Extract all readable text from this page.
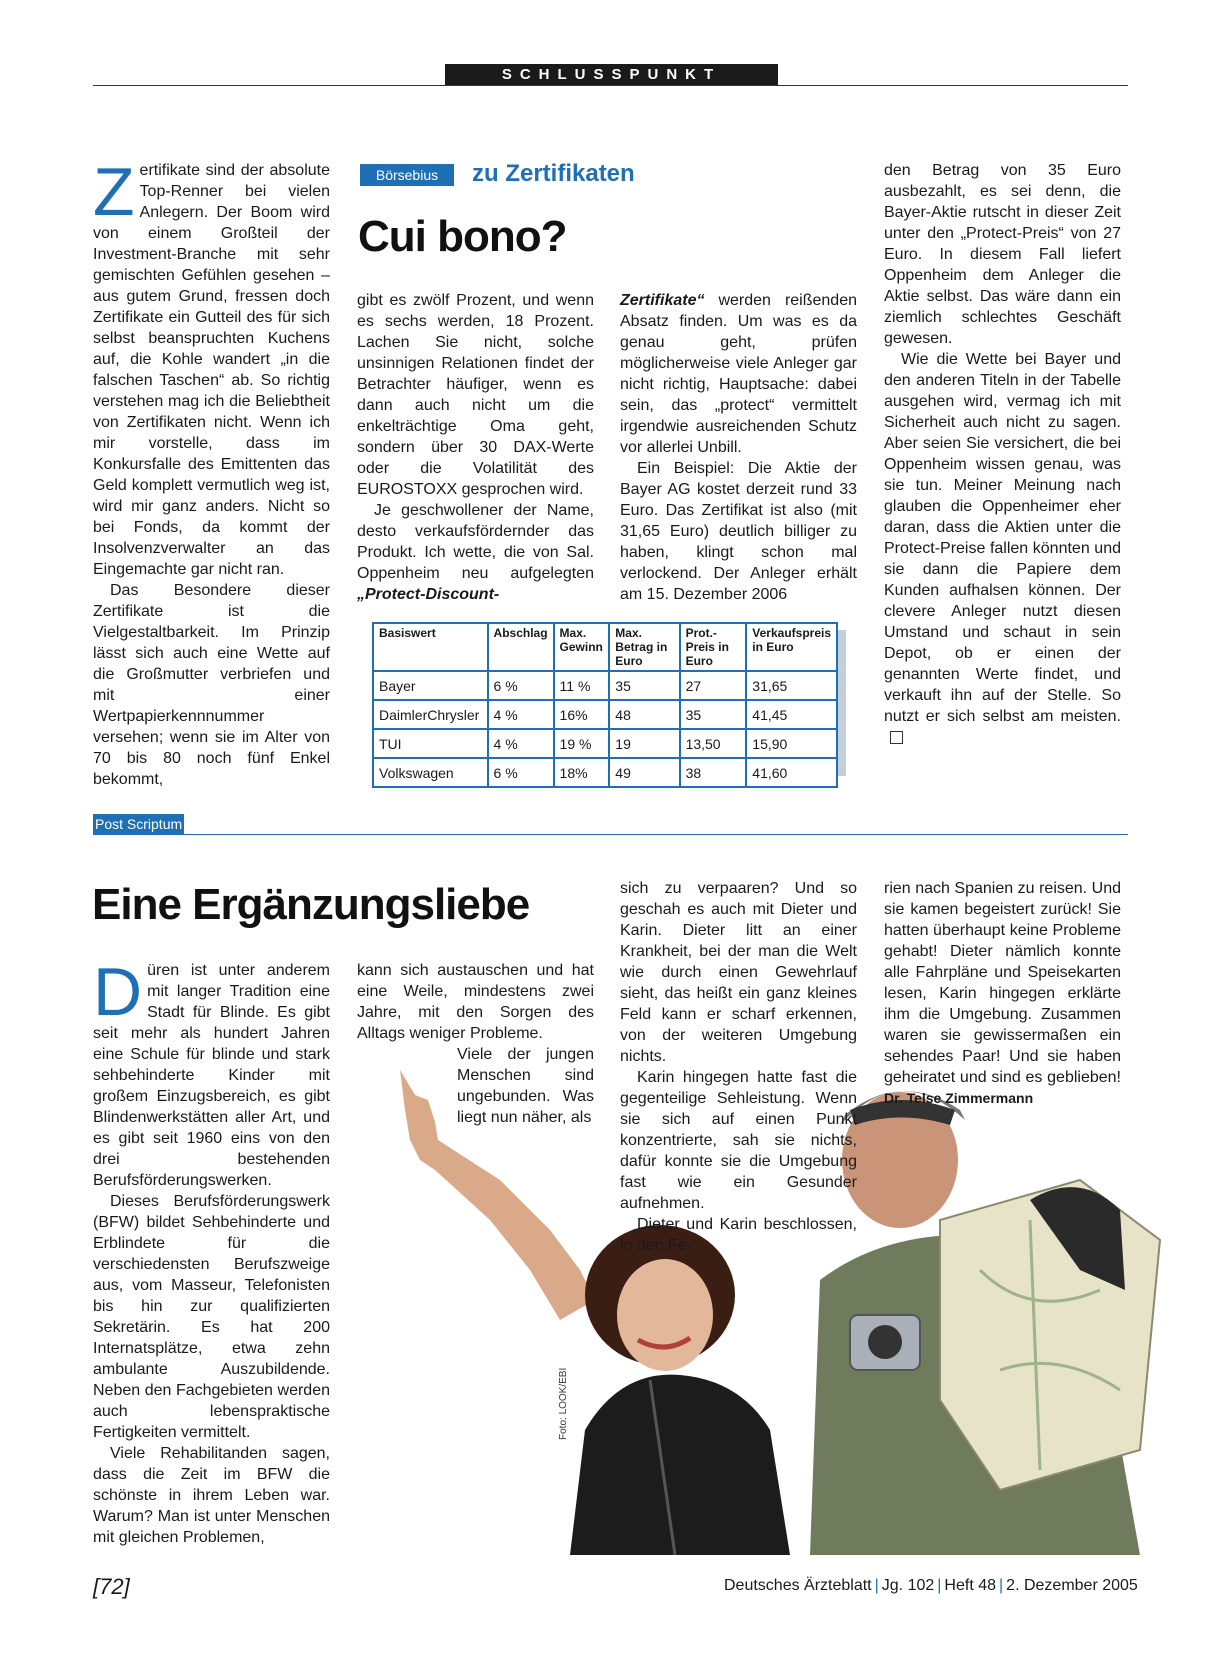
SCHLUSSPUNKT
Börsebius	zu Zertifikaten
Cui bono?
Z ertifikate sind der absolute Top-Renner bei vielen Anlegern. Der Boom wird von einem Großteil der Investment-Branche mit sehr gemischten Gefühlen gesehen – aus gutem Grund, fressen doch Zertifikate ein Gutteil des für sich selbst beanspruchten Kuchens auf, die Kohle wandert „in die falschen Taschen“ ab. So richtig verstehen mag ich die Beliebtheit von Zertifikaten nicht. Wenn ich mir vorstelle, dass im Konkursfalle des Emittenten das Geld komplett vermutlich weg ist, wird mir ganz anders. Nicht so bei Fonds, da kommt der Insolvenzverwalter an das Eingemachte gar nicht ran.

Das Besondere dieser Zertifikate ist die Vielgestaltbarkeit. Im Prinzip lässt sich auch eine Wette auf die Großmutter verbriefen und mit einer Wertpapierkennnummer versehen; wenn sie im Alter von 70 bis 80 noch fünf Enkel bekommt,

gibt es zwölf Prozent, und wenn es sechs werden, 18 Prozent. Lachen Sie nicht, solche unsinnigen Relationen findet der Betrachter häufiger, wenn es dann auch nicht um die enkelträchtige Oma geht, sondern über 30 DAX-Werte oder die Volatilität des EUROSTOXX gesprochen wird.

Je geschwollener der Name, desto verkaufsfördernder das Produkt. Ich wette, die von Sal. Oppenheim neu aufgelegten „Protect-Discount-

Zertifikate“ werden reißenden Absatz finden. Um was es da genau geht, prüfen möglicherweise viele Anleger gar nicht richtig, Hauptsache: dabei sein, das „protect“ vermittelt irgendwie ausreichenden Schutz vor allerlei Unbill.

Ein Beispiel: Die Aktie der Bayer AG kostet derzeit rund 33 Euro. Das Zertifikat ist also (mit 31,65 Euro) deutlich billiger zu haben, klingt schon mal verlockend. Der Anleger erhält am 15. Dezember 2006

den Betrag von 35 Euro ausbezahlt, es sei denn, die Bayer-Aktie rutscht in dieser Zeit unter den „Protect-Preis“ von 27 Euro. In diesem Fall liefert Oppenheim dem Anleger die Aktie selbst. Das wäre dann ein ziemlich schlechtes Geschäft gewesen.

Wie die Wette bei Bayer und den anderen Titeln in der Tabelle ausgehen wird, vermag ich mit Sicherheit auch nicht zu sagen. Aber seien Sie versichert, die bei Oppenheim wissen genau, was sie tun. Meiner Meinung nach glauben die Oppenheimer eher daran, dass die Aktien unter die Protect-Preise fallen könnten und sie dann die Papiere dem Kunden aufhalsen können. Der clevere Anleger nutzt diesen Umstand und schaut in sein Depot, ob er einen der genannten Werte findet, und verkauft ihn auf der Stelle. So nutzt er sich selbst am meisten.

Basiswert	Abschlag	Max. Gewinn	Max. Betrag in Euro	Prot.- Preis in Euro	Verkaufspreis in Euro
Bayer	6 %	11 %	35	27	31,65
DaimlerChrysler	4 %	16%	48	35	41,45
TUI	4 %	19 %	19	13,50	15,90
Volkswagen	6 %	18%	49	38	41,60
Post Scriptum
Eine Ergänzungsliebe
Foto: LOOK/EBI
D üren ist unter anderem mit langer Tradition eine Stadt für Blinde. Es gibt seit mehr als hundert Jahren eine Schule für blinde und stark sehbehinderte Kinder mit großem Einzugsbereich, es gibt Blindenwerkstätten aller Art, und es gibt seit 1960 eins von den drei bestehenden Berufsförderungswerken.

Dieses Berufsförderungswerk (BFW) bildet Sehbehinderte und Erblindete für die verschiedensten Berufszweige aus, vom Masseur, Telefonisten bis hin zur qualifizierten Sekretärin. Es hat 200 Internatsplätze, etwa zehn ambulante Auszubildende. Neben den Fachgebieten werden auch lebenspraktische Fertigkeiten vermittelt.

Viele Rehabilitanden sagen, dass die Zeit im BFW die schönste in ihrem Leben war. Warum? Man ist unter Menschen mit gleichen Problemen,

kann sich austauschen und hat eine Weile, mindestens zwei Jahre, mit den Sorgen des Alltags weniger Probleme.

Viele der jungen Menschen sind ungebunden. Was liegt nun näher, als

sich zu verpaaren? Und so geschah es auch mit Dieter und Karin. Dieter litt an einer Krankheit, bei der man die Welt wie durch einen Gewehrlauf sieht, das heißt ein ganz kleines Feld kann er scharf erkennen, von der weiteren Umgebung nichts.

Karin hingegen hatte fast die gegenteilige Sehleistung. Wenn sie sich auf einen Punkt konzentrierte, sah sie nichts, dafür konnte sie die Umgebung fast wie ein Gesunder aufnehmen.

Dieter und Karin beschlossen, in den Fe-

rien nach Spanien zu reisen. Und sie kamen begeistert zurück! Sie hatten überhaupt keine Probleme gehabt! Dieter nämlich konnte alle Fahrpläne und Speisekarten lesen, Karin hingegen erklärte ihm die Umgebung. Zusammen waren sie gewissermaßen ein sehendes Paar! Und sie haben geheiratet und sind es geblieben! Dr. Telse Zimmermann

[72]	Deutsches Ärzteblatt | Jg. 102 | Heft 48 | 2. Dezember 2005
